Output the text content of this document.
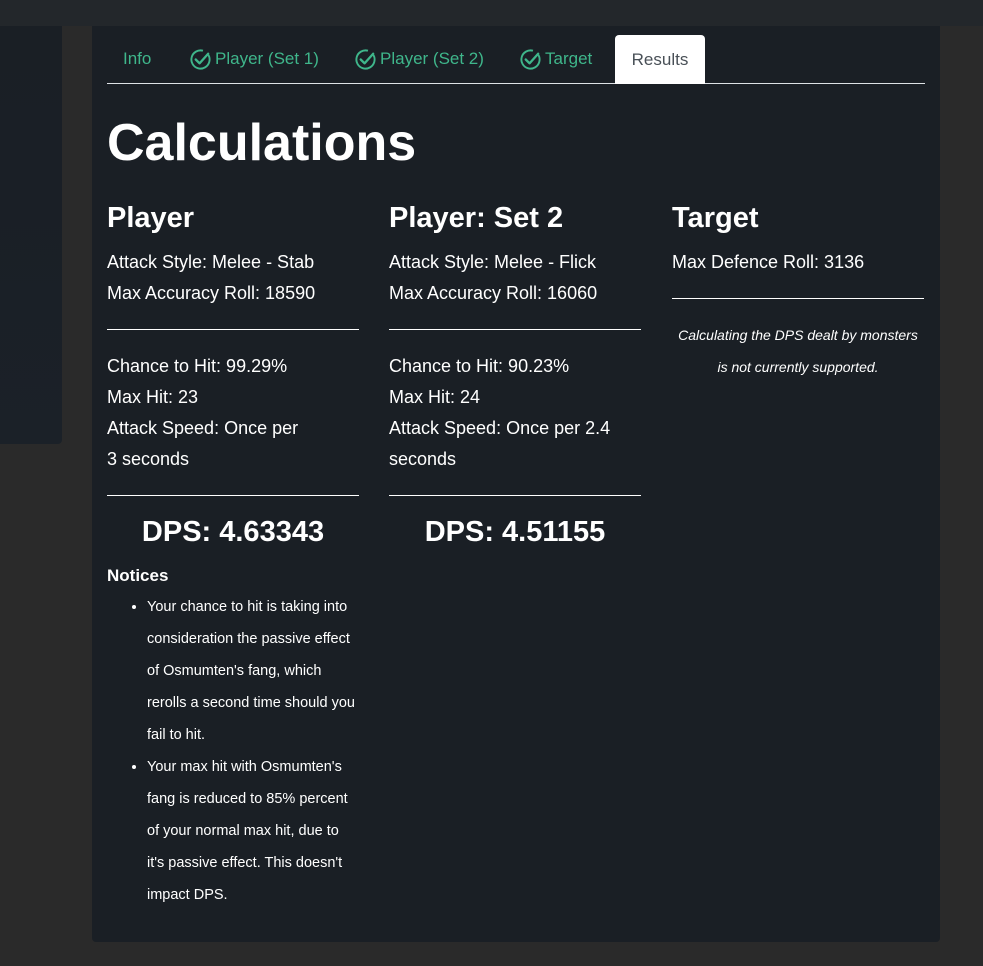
Info	Player (Set 1)	Player (Set 2)	Target Results
Calculations
Player
Attack Style: Melee - Stab
Max Accuracy Roll: 18590
Chance to Hit: 99.29%
Max Hit: 23
Attack Speed: Once per 3 seconds
DPS: 4.63343
Notices
• Your chance to hit is taking into consideration the passive effect of Osmumten's fang, which rerolls a second time should you fail to hit.
• Your max hit with Osmumten's fang is reduced to 85% percent of your normal max hit, due to it's passive effect. This doesn't impact DPS.
Player: Set 2
Attack Style: Melee - Flick
Max Accuracy Roll: 16060
Chance to Hit: 90.23%
Max Hit: 24
Attack Speed: Once per 2.4 seconds
DPS: 4.51155
Target
Max Defence Roll: 3136
Calculating the DPS dealt by monsters is not currently supported.
